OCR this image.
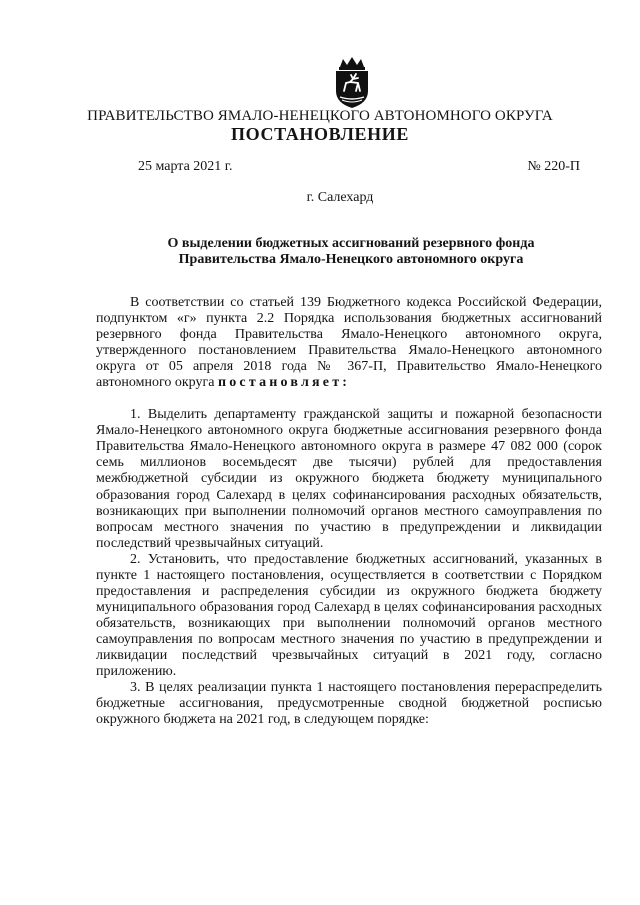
ПРАВИТЕЛЬСТВО ЯМАЛО-НЕНЕЦКОГО АВТОНОМНОГО ОКРУГА
ПОСТАНОВЛЕНИЕ
25 марта 2021 г.	№ 220-П
г. Салехард
О выделении бюджетных ассигнований резервного фонда
Правительства Ямало-Ненецкого автономного округа

В соответствии со статьей 139 Бюджетного кодекса Российской Федерации, подпунктом «г» пункта 2.2 Порядка использования бюджетных ассигнований резервного фонда Правительства Ямало-Ненецкого автономного округа, утвержденного постановлением Правительства Ямало-Ненецкого автономного округа от 05 апреля 2018 года № 367-П, Правительство Ямало-Ненецкого автономного округа постановляет:

1. Выделить департаменту гражданской защиты и пожарной безопасности Ямало-Ненецкого автономного округа бюджетные ассигнования резервного фонда Правительства Ямало-Ненецкого автономного округа в размере 47 082 000 (сорок семь миллионов восемьдесят две тысячи) рублей для предоставления межбюджетной субсидии из окружного бюджета бюджету муниципального образования город Салехард в целях софинансирования расходных обязательств, возникающих при выполнении полномочий органов местного самоуправления по вопросам местного значения по участию в предупреждении и ликвидации последствий чрезвычайных ситуаций.

2. Установить, что предоставление бюджетных ассигнований, указанных в пункте 1 настоящего постановления, осуществляется в соответствии с Порядком предоставления и распределения субсидии из окружного бюджета бюджету муниципального образования город Салехард в целях софинансирования расходных обязательств, возникающих при выполнении полномочий органов местного самоуправления по вопросам местного значения по участию в предупреждении и ликвидации последствий чрезвычайных ситуаций в 2021 году, согласно приложению.

3. В целях реализации пункта 1 настоящего постановления перераспределить бюджетные ассигнования, предусмотренные сводной бюджетной росписью окружного бюджета на 2021 год, в следующем порядке:
